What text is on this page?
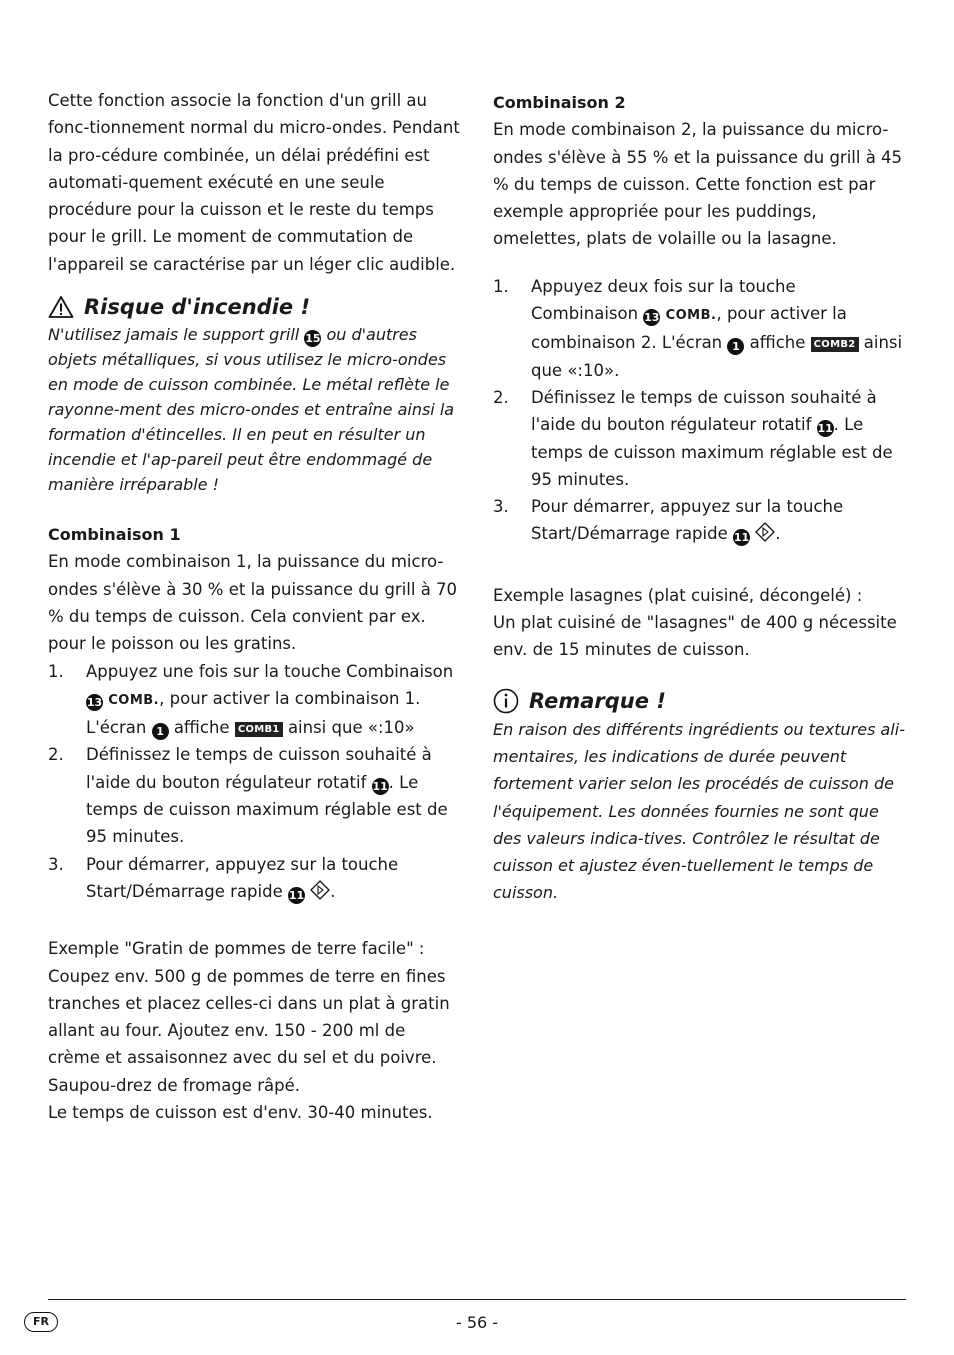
Cette fonction associe la fonction d'un grill au fonc-tionnement normal du micro-ondes. Pendant la pro-cédure combinée, un délai prédéfini est automati-quement exécuté en une seule procédure pour la cuisson et le reste du temps pour le grill. Le moment de commutation de l'appareil se caractérise par un léger clic audible.

Risque d'incendie !

N'utilisez jamais le support grill 15 ou d'autres objets métalliques, si vous utilisez le micro-ondes en mode de cuisson combinée. Le métal reflète le rayonne-ment des micro-ondes et entraîne ainsi la formation d'étincelles. Il en peut en résulter un incendie et l'ap-pareil peut être endommagé de manière irréparable !

Combinaison 1

En mode combinaison 1, la puissance du micro-ondes s'élève à 30 % et la puissance du grill à 70 % du temps de cuisson. Cela convient par ex. pour le poisson ou les gratins.

1.	Appuyez une fois sur la touche Combinaison 13 COMB., pour activer la combinaison 1. L'écran 1 affiche COMB1 ainsi que «:10»
2.	Définissez le temps de cuisson souhaité à l'aide du bouton régulateur rotatif 11. Le temps de cuisson maximum réglable est de 95 minutes.
3.	Pour démarrer, appuyez sur la touche Start/Démarrage rapide 11 .

Exemple "Gratin de pommes de terre facile" :

Coupez env. 500 g de pommes de terre en fines tranches et placez celles-ci dans un plat à gratin allant au four. Ajoutez env. 150 - 200 ml de crème et assaisonnez avec du sel et du poivre. Saupou-drez de fromage râpé.

Le temps de cuisson est d'env. 30-40 minutes.

Combinaison 2

En mode combinaison 2, la puissance du micro-ondes s'élève à 55 % et la puissance du grill à 45 % du temps de cuisson. Cette fonction est par exemple appropriée pour les puddings, omelettes, plats de volaille ou la lasagne.

1.	Appuyez deux fois sur la touche Combinaison 13 COMB., pour activer la combinaison 2. L'écran 1 affiche COMB2 ainsi que «:10».
2.	Définissez le temps de cuisson souhaité à l'aide du bouton régulateur rotatif 11. Le temps de cuisson maximum réglable est de 95 minutes.
3.	Pour démarrer, appuyez sur la touche Start/Démarrage rapide 11 .

Exemple lasagnes (plat cuisiné, décongelé) :

Un plat cuisiné de "lasagnes" de 400 g nécessite env. de 15 minutes de cuisson.

Remarque !

En raison des différents ingrédients ou textures ali-mentaires, les indications de durée peuvent fortement varier selon les procédés de cuisson de l'équipement. Les données fournies ne sont que des valeurs indica-tives. Contrôlez le résultat de cuisson et ajustez éven-tuellement le temps de cuisson.

FR	- 56 -
